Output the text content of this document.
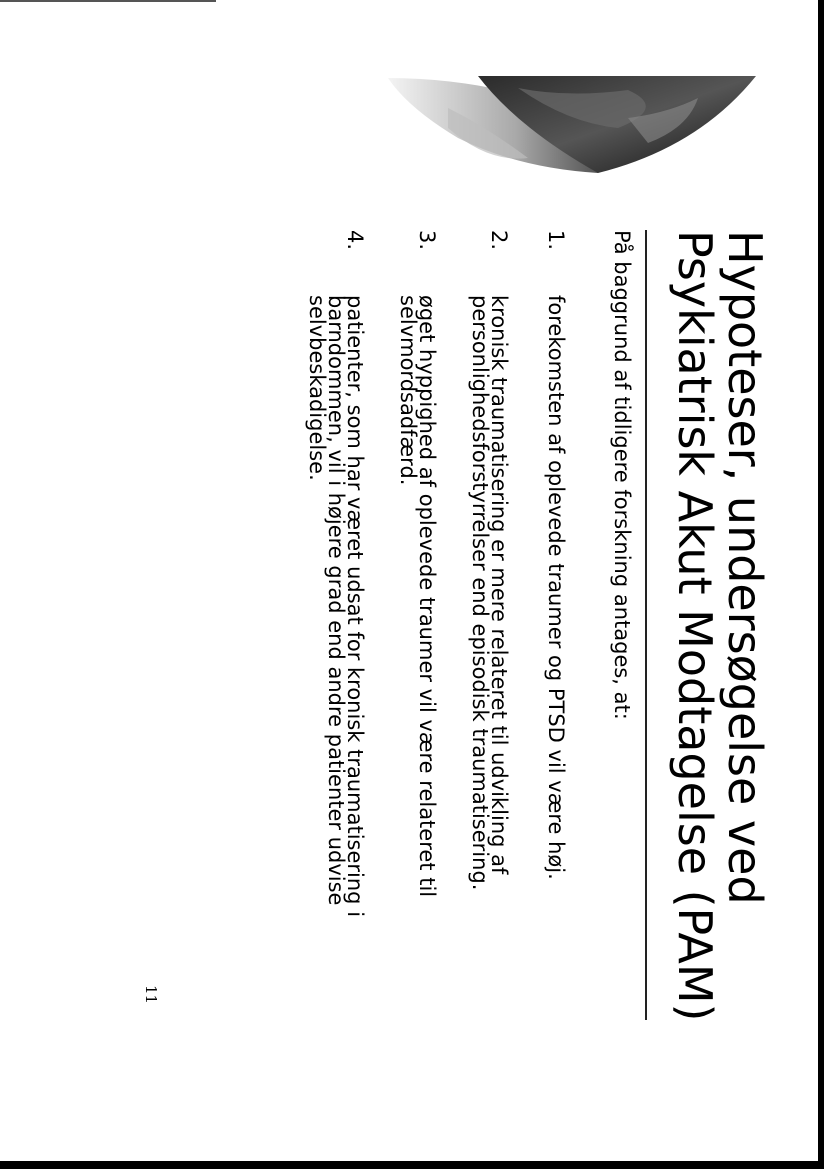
Hypoteser, undersøgelse ved
Psykiatrisk Akut Modtagelse (PAM)
På baggrund af tidligere forskning antages, at:
1.
forekomsten af oplevede traumer og PTSD vil være høj.
2.
kronisk traumatisering er mere relateret til udvikling af personlighedsforstyrrelser end episodisk traumatisering.
3.
øget hyppighed af oplevede traumer vil være relateret til selvmordsadfærd.
4.
patienter, som har været udsat for kronisk traumatisering i barndommen, vil i højere grad end andre patienter udvise selvbeskadigelse.
11
